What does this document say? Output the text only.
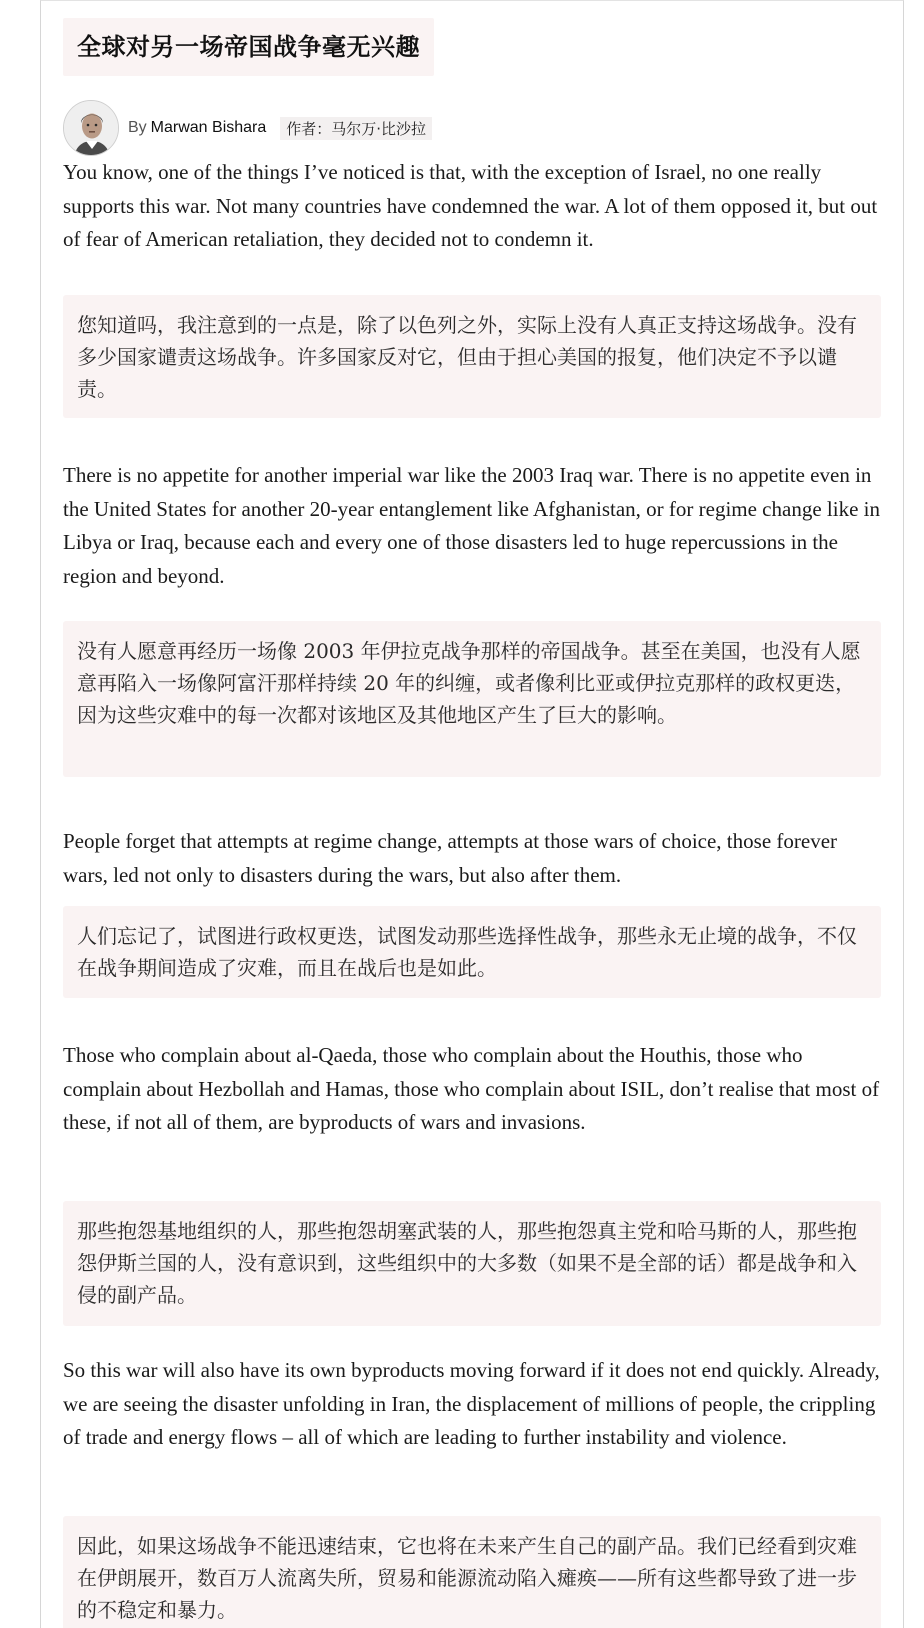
全球对另一场帝国战争毫无兴趣
By Marwan Bishara	作者：马尔万·比沙拉

You know, one of the things I’ve noticed is that, with the exception of Israel, no one really supports this war. Not many countries have condemned the war. A lot of them opposed it, but out of fear of American retaliation, they decided not to condemn it.

您知道吗，我注意到的一点是，除了以色列之外，实际上没有人真正支持这场战争。没有多少国家谴责这场战争。许多国家反对它，但由于担心美国的报复，他们决定不予以谴责。

There is no appetite for another imperial war like the 2003 Iraq war. There is no appetite even in the United States for another 20-year entanglement like Afghanistan, or for regime change like in Libya or Iraq, because each and every one of those disasters led to huge repercussions in the region and beyond.

没有人愿意再经历一场像 2003 年伊拉克战争那样的帝国战争。甚至在美国，也没有人愿意再陷入一场像阿富汗那样持续 20 年的纠缠，或者像利比亚或伊拉克那样的政权更迭，因为这些灾难中的每一次都对该地区及其他地区产生了巨大的影响。

People forget that attempts at regime change, attempts at those wars of choice, those forever wars, led not only to disasters during the wars, but also after them.

人们忘记了，试图进行政权更迭，试图发动那些选择性战争，那些永无止境的战争，不仅在战争期间造成了灾难，而且在战后也是如此。

Those who complain about al-Qaeda, those who complain about the Houthis, those who complain about Hezbollah and Hamas, those who complain about ISIL, don’t realise that most of these, if not all of them, are byproducts of wars and invasions.

那些抱怨基地组织的人，那些抱怨胡塞武装的人，那些抱怨真主党和哈马斯的人，那些抱怨伊斯兰国的人，没有意识到，这些组织中的大多数（如果不是全部的话）都是战争和入侵的副产品。

So this war will also have its own byproducts moving forward if it does not end quickly. Already, we are seeing the disaster unfolding in Iran, the displacement of millions of people, the crippling of trade and energy flows – all of which are leading to further instability and violence.

因此，如果这场战争不能迅速结束，它也将在未来产生自己的副产品。我们已经看到灾难在伊朗展开，数百万人流离失所，贸易和能源流动陷入瘫痪——所有这些都导致了进一步的不稳定和暴力。
